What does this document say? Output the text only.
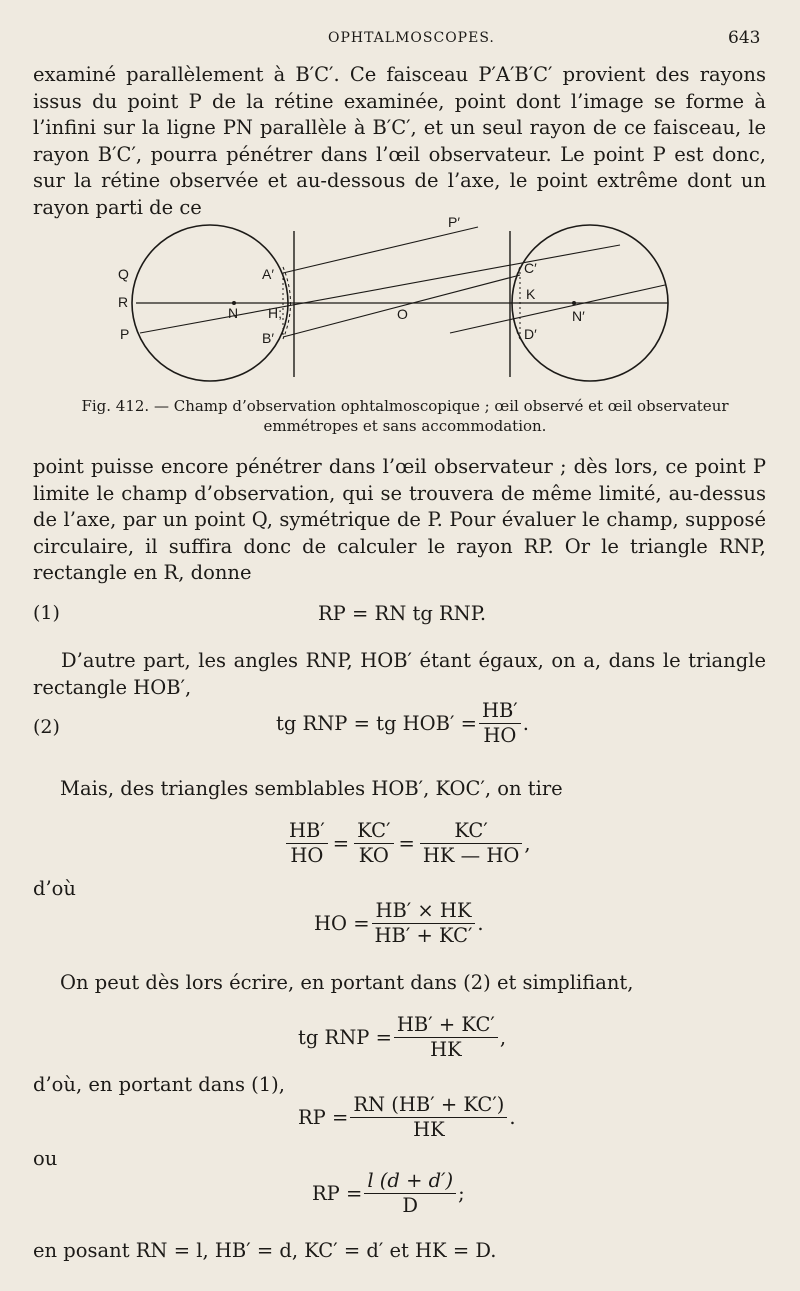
OPHTALMOSCOPES.	643

examiné parallèlement à B′C′. Ce faisceau P′A′B′C′ provient des rayons issus du point P de la rétine examinée, point dont l’image se forme à l’infini sur la ligne PN parallèle à B′C′, et un seul rayon de ce faisceau, le rayon B′C′, pourra pénétrer dans l’œil observateur. Le point P est donc, sur la rétine observée et au-dessous de l’axe, le point extrême dont un rayon parti de ce

Q
R
P
N H;
A′
B′
P′
O
C′
K
D′
N′
Fig. 412. — Champ d’observation ophtalmoscopique ; œil observé et œil observateur
emmétropes et sans accommodation.

point puisse encore pénétrer dans l’œil observateur ; dès lors, ce point P limite le champ d’observation, qui se trouvera de même limité, au-dessus de l’axe, par un point Q, symétrique de P. Pour évaluer le champ, supposé circulaire, il suffira donc de calculer le rayon RP. Or le triangle RNP, rectangle en R, donne

(1)	RP = RN tg RNP.

D’autre part, les angles RNP, HOB′ étant égaux, on a, dans le triangle rectangle HOB′,

(2)	tg RNP = tg $HOB' = \frac{HB'}{HO}$ .
Mais, des triangles semblables HOB′, KOC′, on tire
$\frac{HB'}{HO} = \frac{KC'}{KO} = \frac{KC'}{HK — HO}$ ,
d’où
HO = $\frac{HB' \times HK}{HB' + KC'}$ .
On peut dès lors écrire, en portant dans (2) et simplifiant,
tg RNP = $\frac{HB' + KC'}{HK}$ ,
d’où, en portant dans (1),
RP = $\frac{RN (HB' + KC')}{HK}$ .
ou
RP = $\frac{l (d + d')}{D}$ ;
en posant RN = l, HB′ = d, KC′ = d′ et HK = D.
